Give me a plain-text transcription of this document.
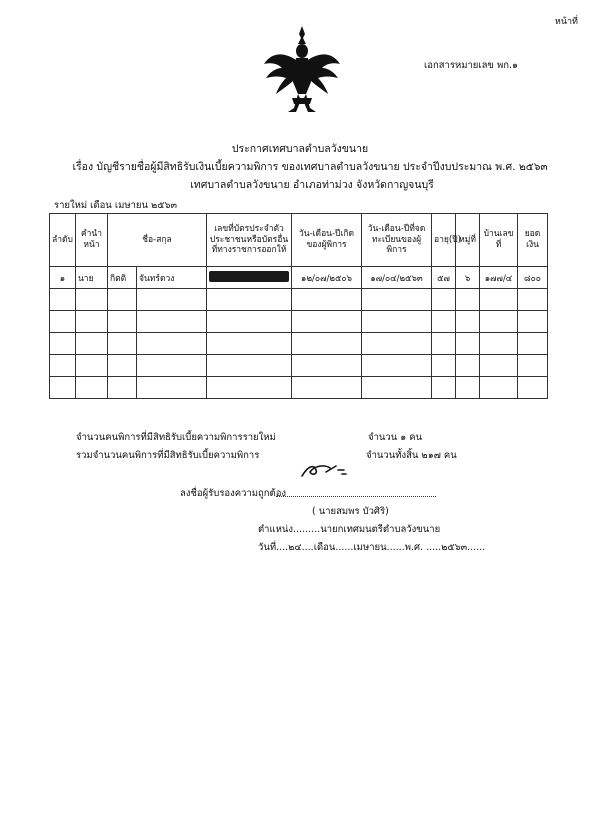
หน้าที่
เอกสารหมายเลข พก.๑
ประกาศเทศบาลตำบลวังขนาย
เรื่อง บัญชีรายชื่อผู้มีสิทธิรับเงินเบี้ยความพิการ ของเทศบาลตำบลวังขนาย ประจำปีงบประมาณ พ.ศ. ๒๕๖๓
เทศบาลตำบลวังขนาย อำเภอท่าม่วง จังหวัดกาญจนบุรี
รายใหม่ เดือน เมษายน ๒๕๖๓
ลำดับ	คำนำหน้า	ชื่อ-สกุล		เลขที่บัตรประจำตัวประชาชนหรือบัตรอื่นที่ทางราชการออกให้	วัน-เดือน-ปีเกิดของผู้พิการ	วัน-เดือน-ปีที่จดทะเบียนของผู้พิการ	อายุ(ปี)	หมู่ที่	บ้านเลขที่	ยอดเงิน
๑	นาย	กิตติ	จันทร์ดวง		๑๒/๐๗/๒๕๐๖	๑๗/๐๔/๒๕๖๓	๕๗	๖	๑๗๗/๔	๘๐๐

จำนวนคนพิการที่มีสิทธิรับเบี้ยความพิการรายใหม่	จำนวน ๑ คน
รวมจำนวนคนพิการที่มีสิทธิรับเบี้ยความพิการ	จำนวนทั้งสิ้น ๒๑๗ คน
ลงชื่อผู้รับรองความถูกต้อง
( นายสมพร บัวศิริ)
ตำแหน่ง.........นายกเทศมนตรีตำบลวังขนาย
วันที่....๒๔....เดือน......เมษายน......พ.ศ. .....๒๕๖๓......
